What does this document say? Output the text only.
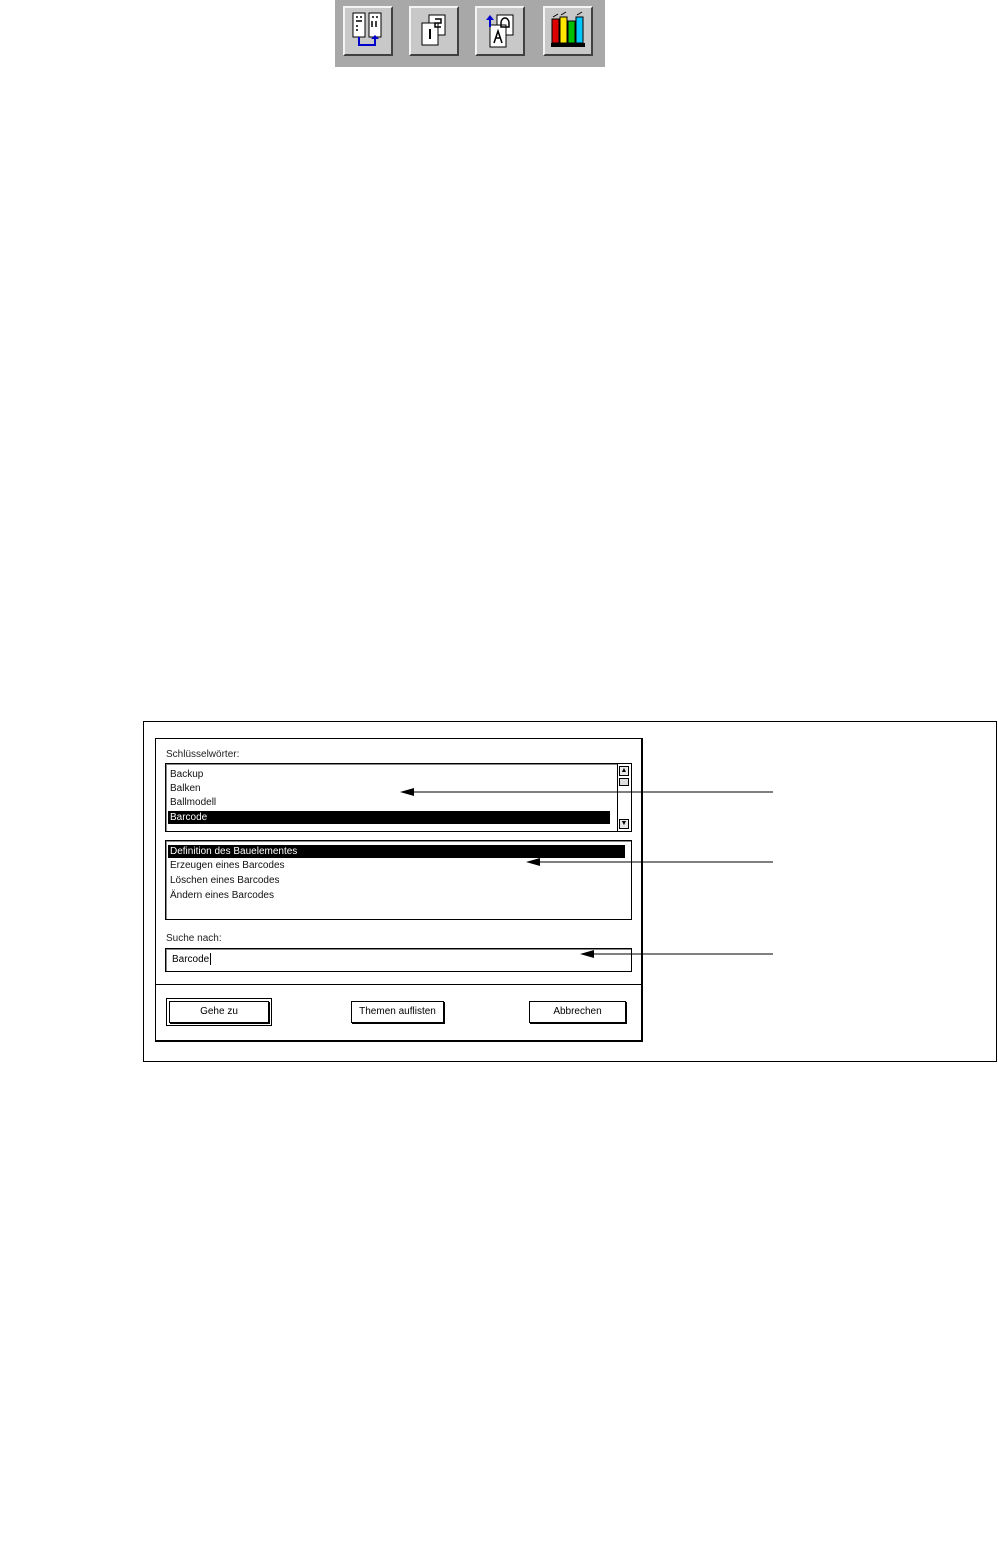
Schlüsselwörter:
Backup
Balken
Ballmodell
Barcode
▲
▼
Definition des Bauelementes
Erzeugen eines Barcodes
Löschen eines Barcodes
Ändern eines Barcodes
Suche nach:
Barcode
Gehe zu	Themen auflisten	Abbrechen
